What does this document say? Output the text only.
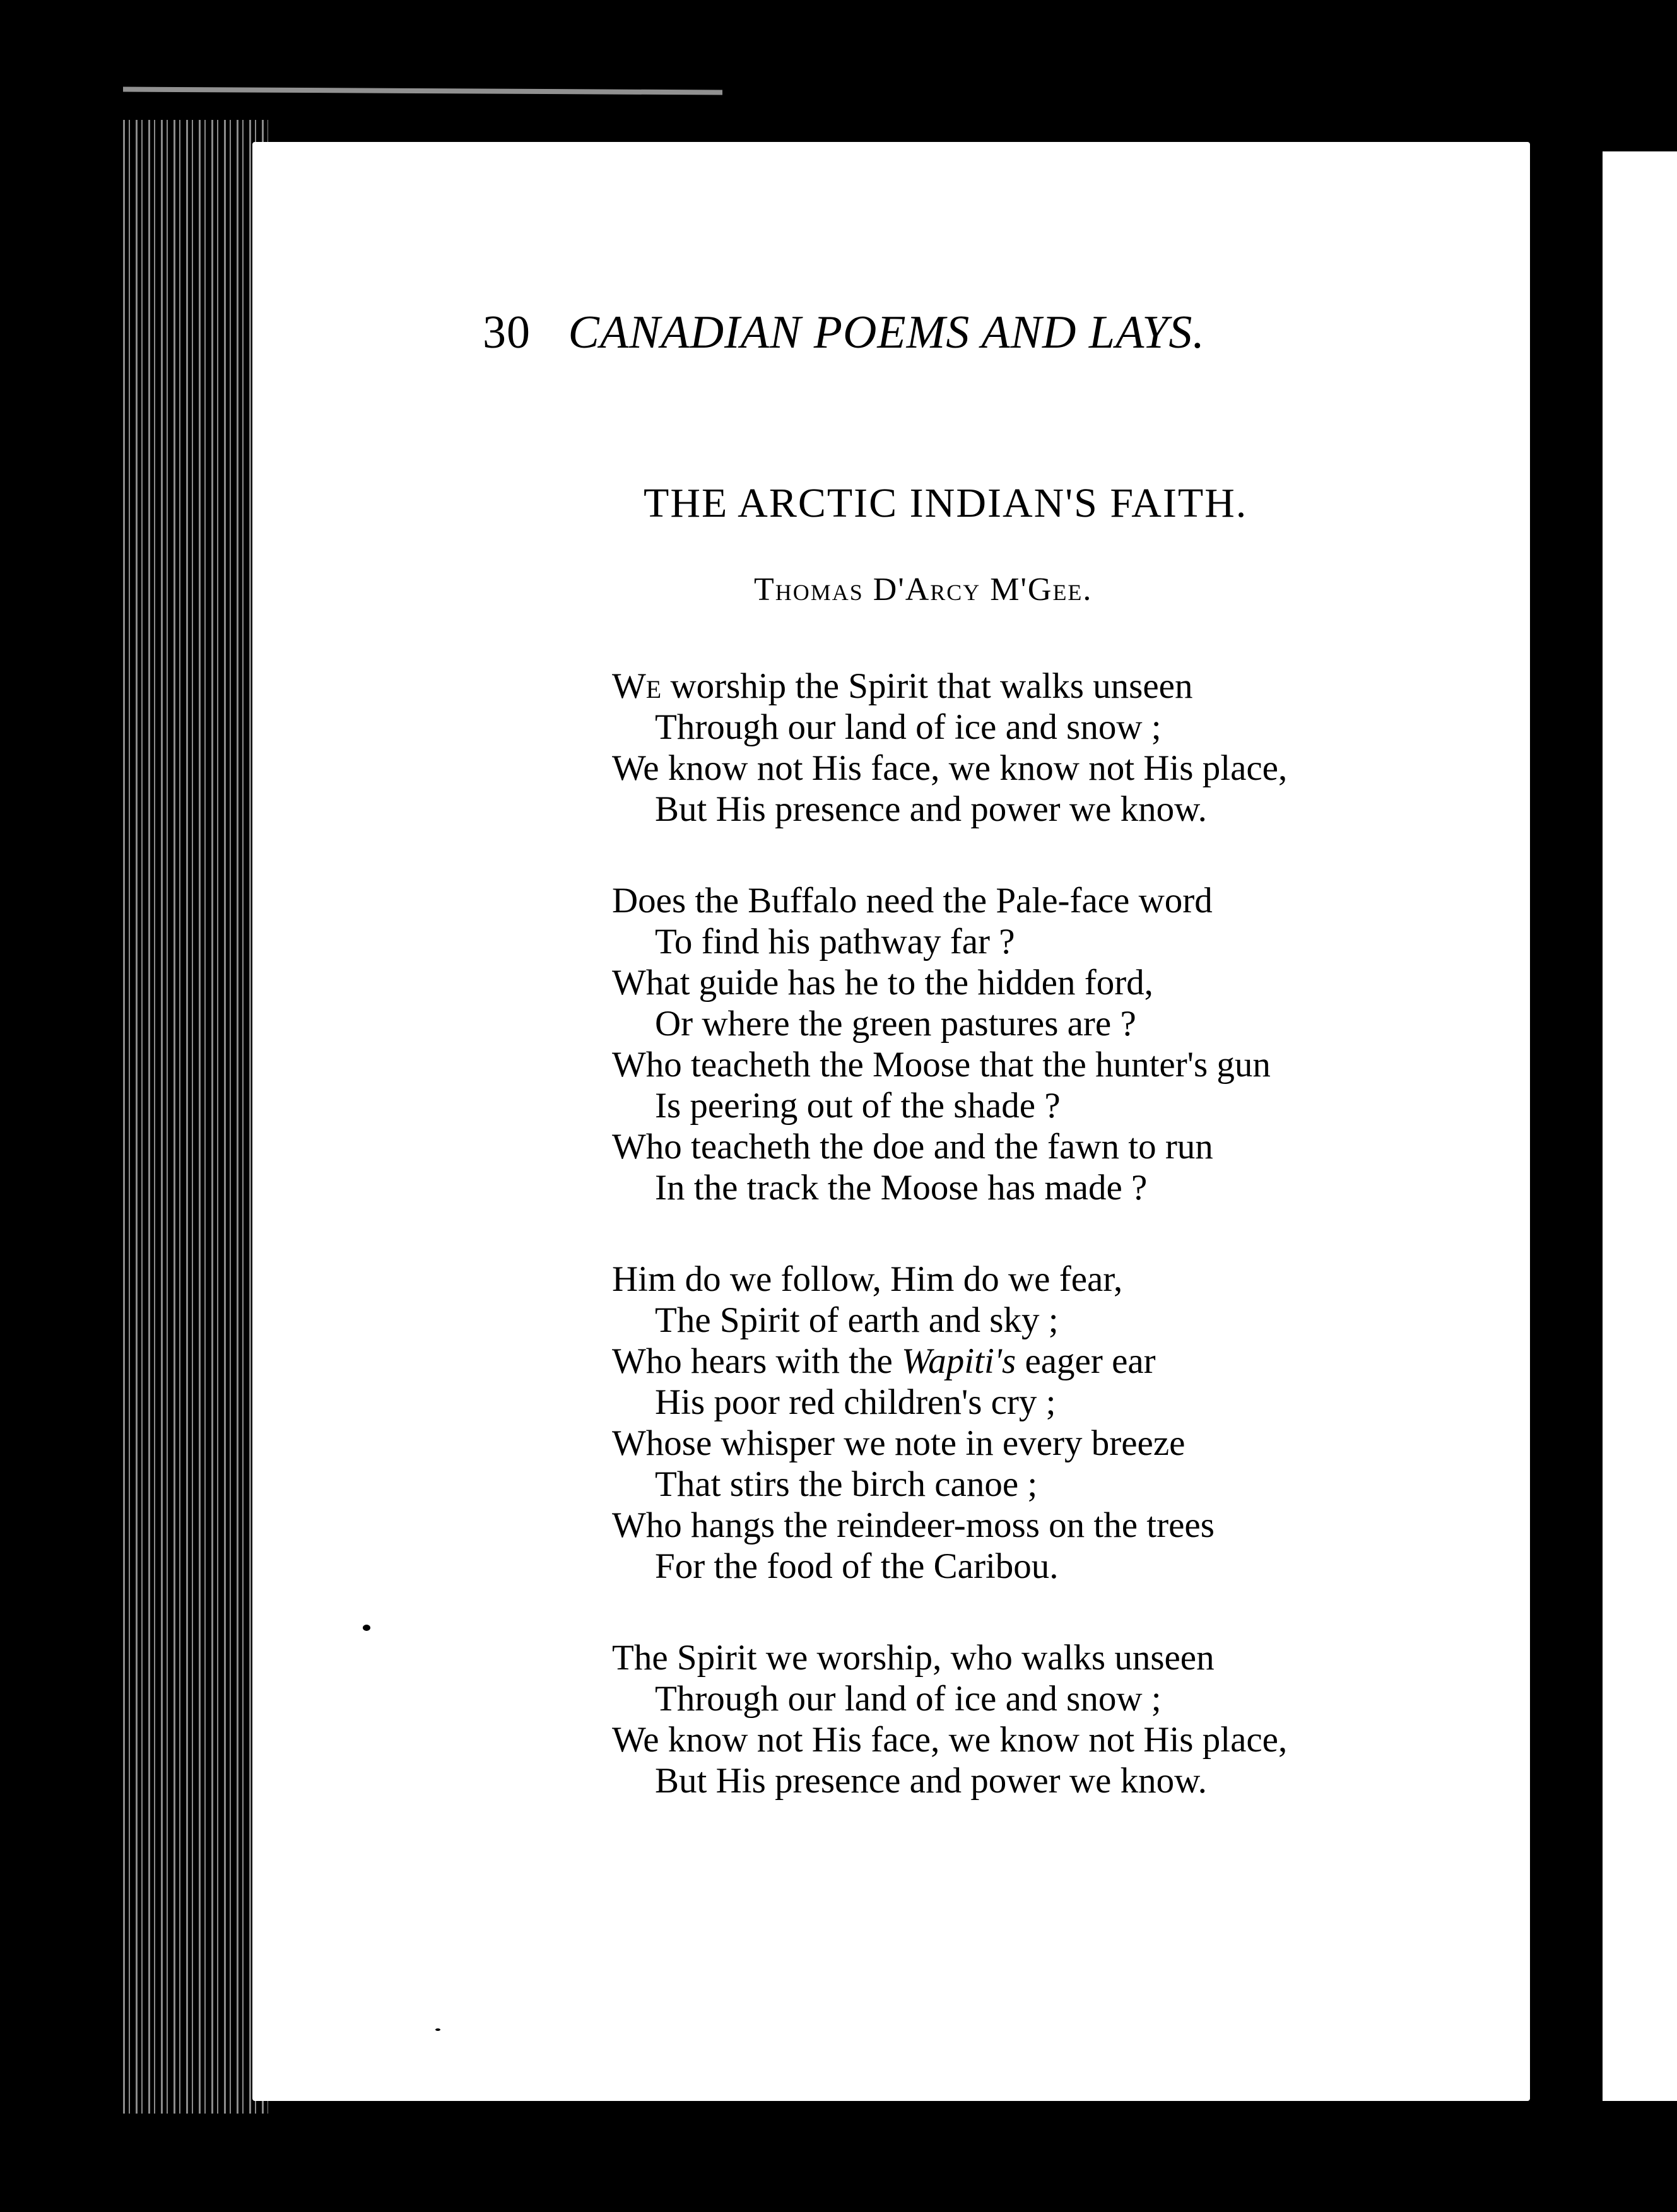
30 CANADIAN POEMS AND LAYS.
THE ARCTIC INDIAN'S FAITH.
Thomas D'Arcy M'Gee.
We worship the Spirit that walks unseen
Through our land of ice and snow ;
We know not His face, we know not His place,
But His presence and power we know.
Does the Buffalo need the Pale-face word
To find his pathway far ?
What guide has he to the hidden ford,
Or where the green pastures are ?
Who teacheth the Moose that the hunter's gun
Is peering out of the shade ?
Who teacheth the doe and the fawn to run
In the track the Moose has made ?
Him do we follow, Him do we fear,
The Spirit of earth and sky ;
Who hears with the Wapiti's eager ear
His poor red children's cry ;
Whose whisper we note in every breeze
That stirs the birch canoe ;
Who hangs the reindeer-moss on the trees
For the food of the Caribou.
The Spirit we worship, who walks unseen
Through our land of ice and snow ;
We know not His face, we know not His place,
But His presence and power we know.
